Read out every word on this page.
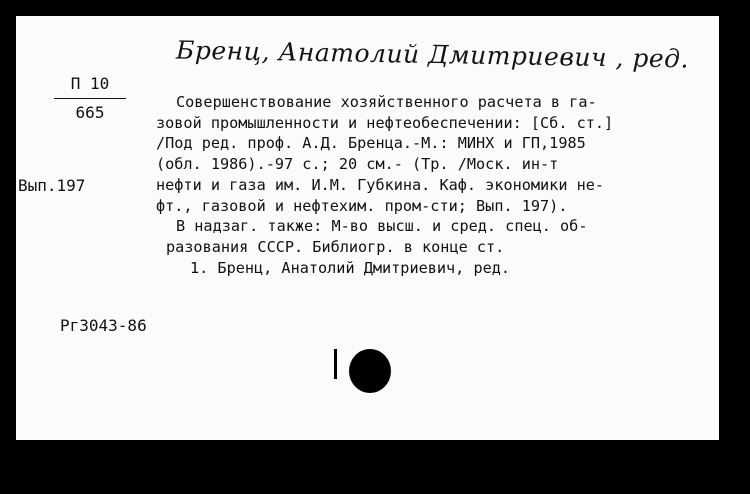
Бренц, Анатолий Дмитриевич , ред.
П 10
665
Вып.197
Рг3043-86
Совершенствование хозяйственного расчета в га-
зовой промышленности и нефтеобеспечении: [Сб. ст.]
/Под ред. проф. А.Д. Бренца.-М.: МИНХ и ГП,1985
(обл. 1986).-97 с.; 20 см.- (Тр. /Моск. ин-т
нефти и газа им. И.М. Губкина. Каф. экономики не-
фт., газовой и нефтехим. пром-сти; Вып. 197).
В надзаг. также: М-во высш. и сред. спец. об-
разования СССР. Библиогр. в конце ст.
1. Бренц, Анатолий Дмитриевич, ред.
